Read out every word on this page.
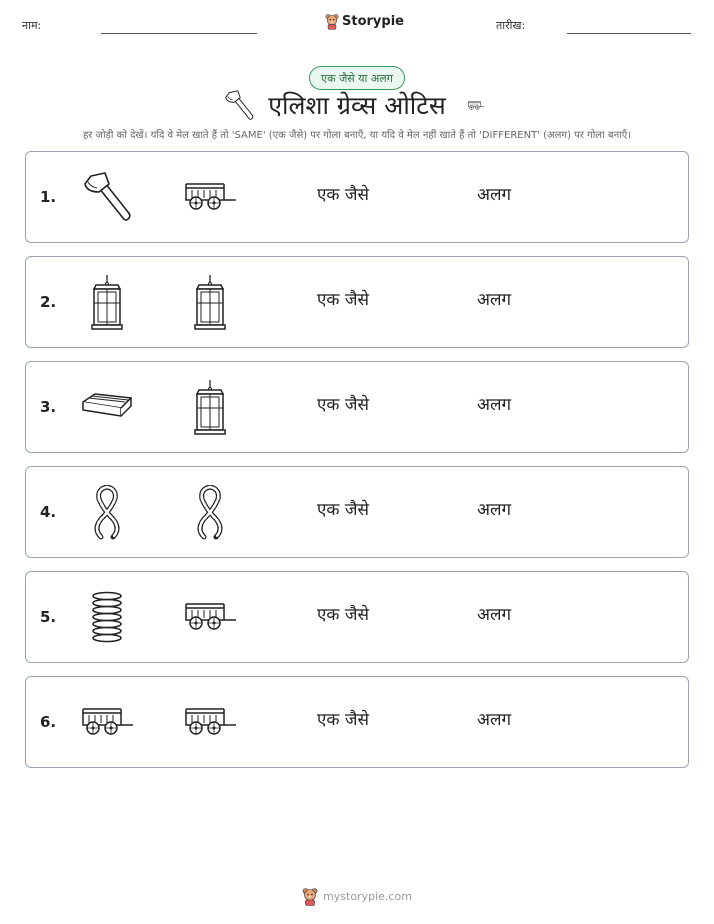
नाम:	Storypie	तारीख:
एक जैसे या अलग
एलिशा ग्रेव्स ओटिस
हर जोड़ी को देखें। यदि वे मेल खाते हैं तो 'SAME' (एक जैसे) पर गोला बनाएँ, या यदि वे मेल नहीं खाते हैं तो 'DIFFERENT' (अलग) पर गोला बनाएँ।
1.	एक जैसे	अलग
2.	एक जैसे	अलग
3.	एक जैसे	अलग
4.	एक जैसे	अलग
5.	एक जैसे	अलग
6.	एक जैसे	अलग
mystorypie.com
